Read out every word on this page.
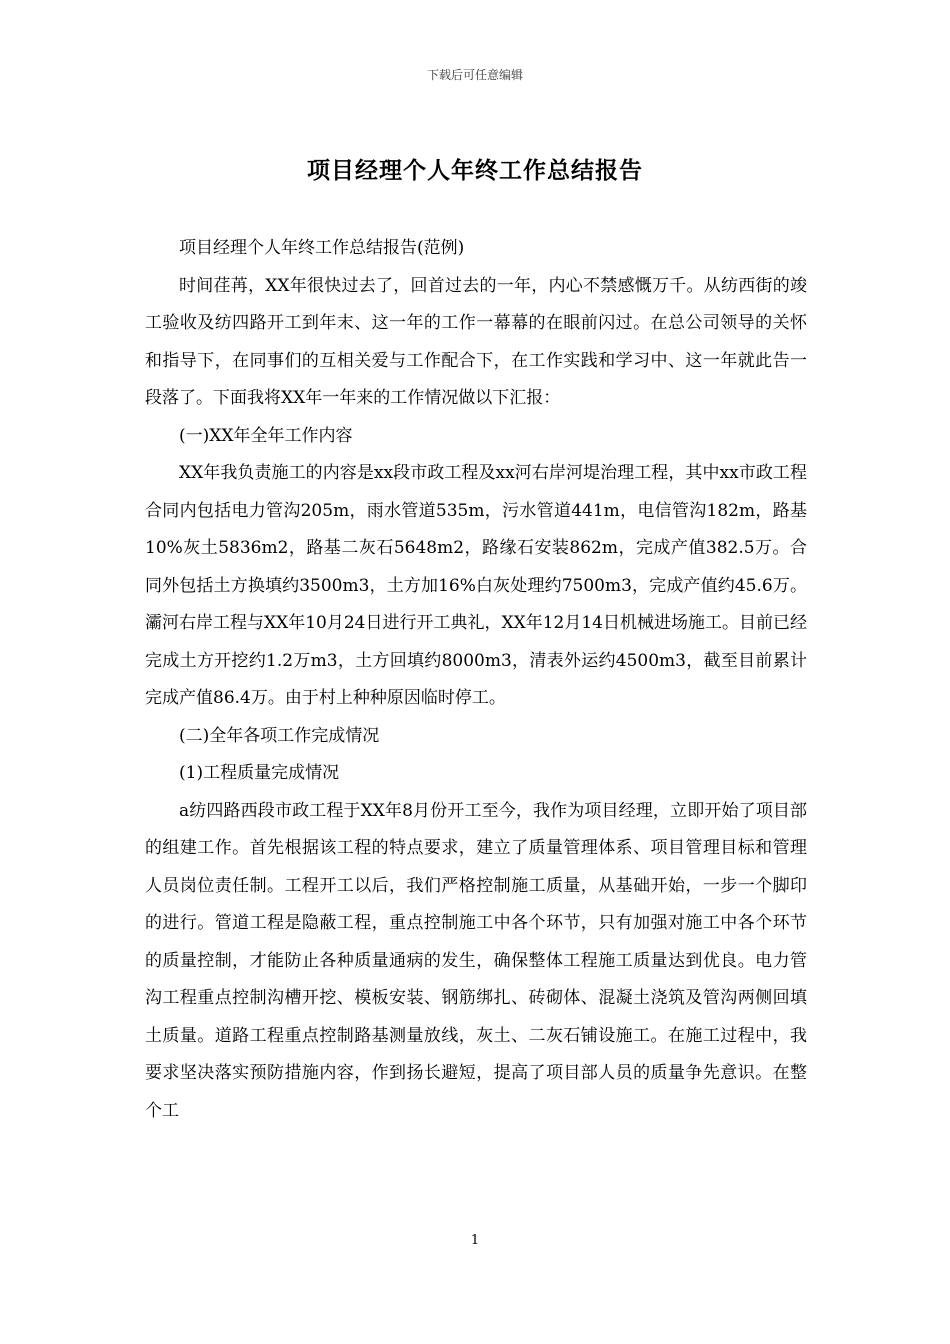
下载后可任意编辑
项目经理个人年终工作总结报告

项目经理个人年终工作总结报告(范例)

时间荏苒，XX年很快过去了，回首过去的一年，内心不禁感慨万千。从纺西街的竣工验收及纺四路开工到年末、这一年的工作一幕幕的在眼前闪过。在总公司领导的关怀和指导下，在同事们的互相关爱与工作配合下，在工作实践和学习中、这一年就此告一段落了。下面我将XX年一年来的工作情况做以下汇报：

(一)XX年全年工作内容

XX年我负责施工的内容是xx段市政工程及xx河右岸河堤治理工程，其中xx市政工程合同内包括电力管沟205m，雨水管道535m，污水管道441m，电信管沟182m，路基10%灰土5836m2，路基二灰石5648m2，路缘石安装862m，完成产值382.5万。合同外包括土方换填约3500m3，土方加16%白灰处理约7500m3，完成产值约45.6万。灞河右岸工程与XX年10月24日进行开工典礼，XX年12月14日机械进场施工。目前已经完成土方开挖约1.2万m3，土方回填约8000m3，清表外运约4500m3，截至目前累计完成产值86.4万。由于村上种种原因临时停工。

(二)全年各项工作完成情况

(1)工程质量完成情况

a纺四路西段市政工程于XX年8月份开工至今，我作为项目经理，立即开始了项目部的组建工作。首先根据该工程的特点要求，建立了质量管理体系、项目管理目标和管理人员岗位责任制。工程开工以后，我们严格控制施工质量，从基础开始，一步一个脚印的进行。管道工程是隐蔽工程，重点控制施工中各个环节，只有加强对施工中各个环节的质量控制，才能防止各种质量通病的发生，确保整体工程施工质量达到优良。电力管沟工程重点控制沟槽开挖、模板安装、钢筋绑扎、砖砌体、混凝土浇筑及管沟两侧回填土质量。道路工程重点控制路基测量放线，灰土、二灰石铺设施工。在施工过程中，我要求坚决落实预防措施内容，作到扬长避短，提高了项目部人员的质量争先意识。在整个工

1
